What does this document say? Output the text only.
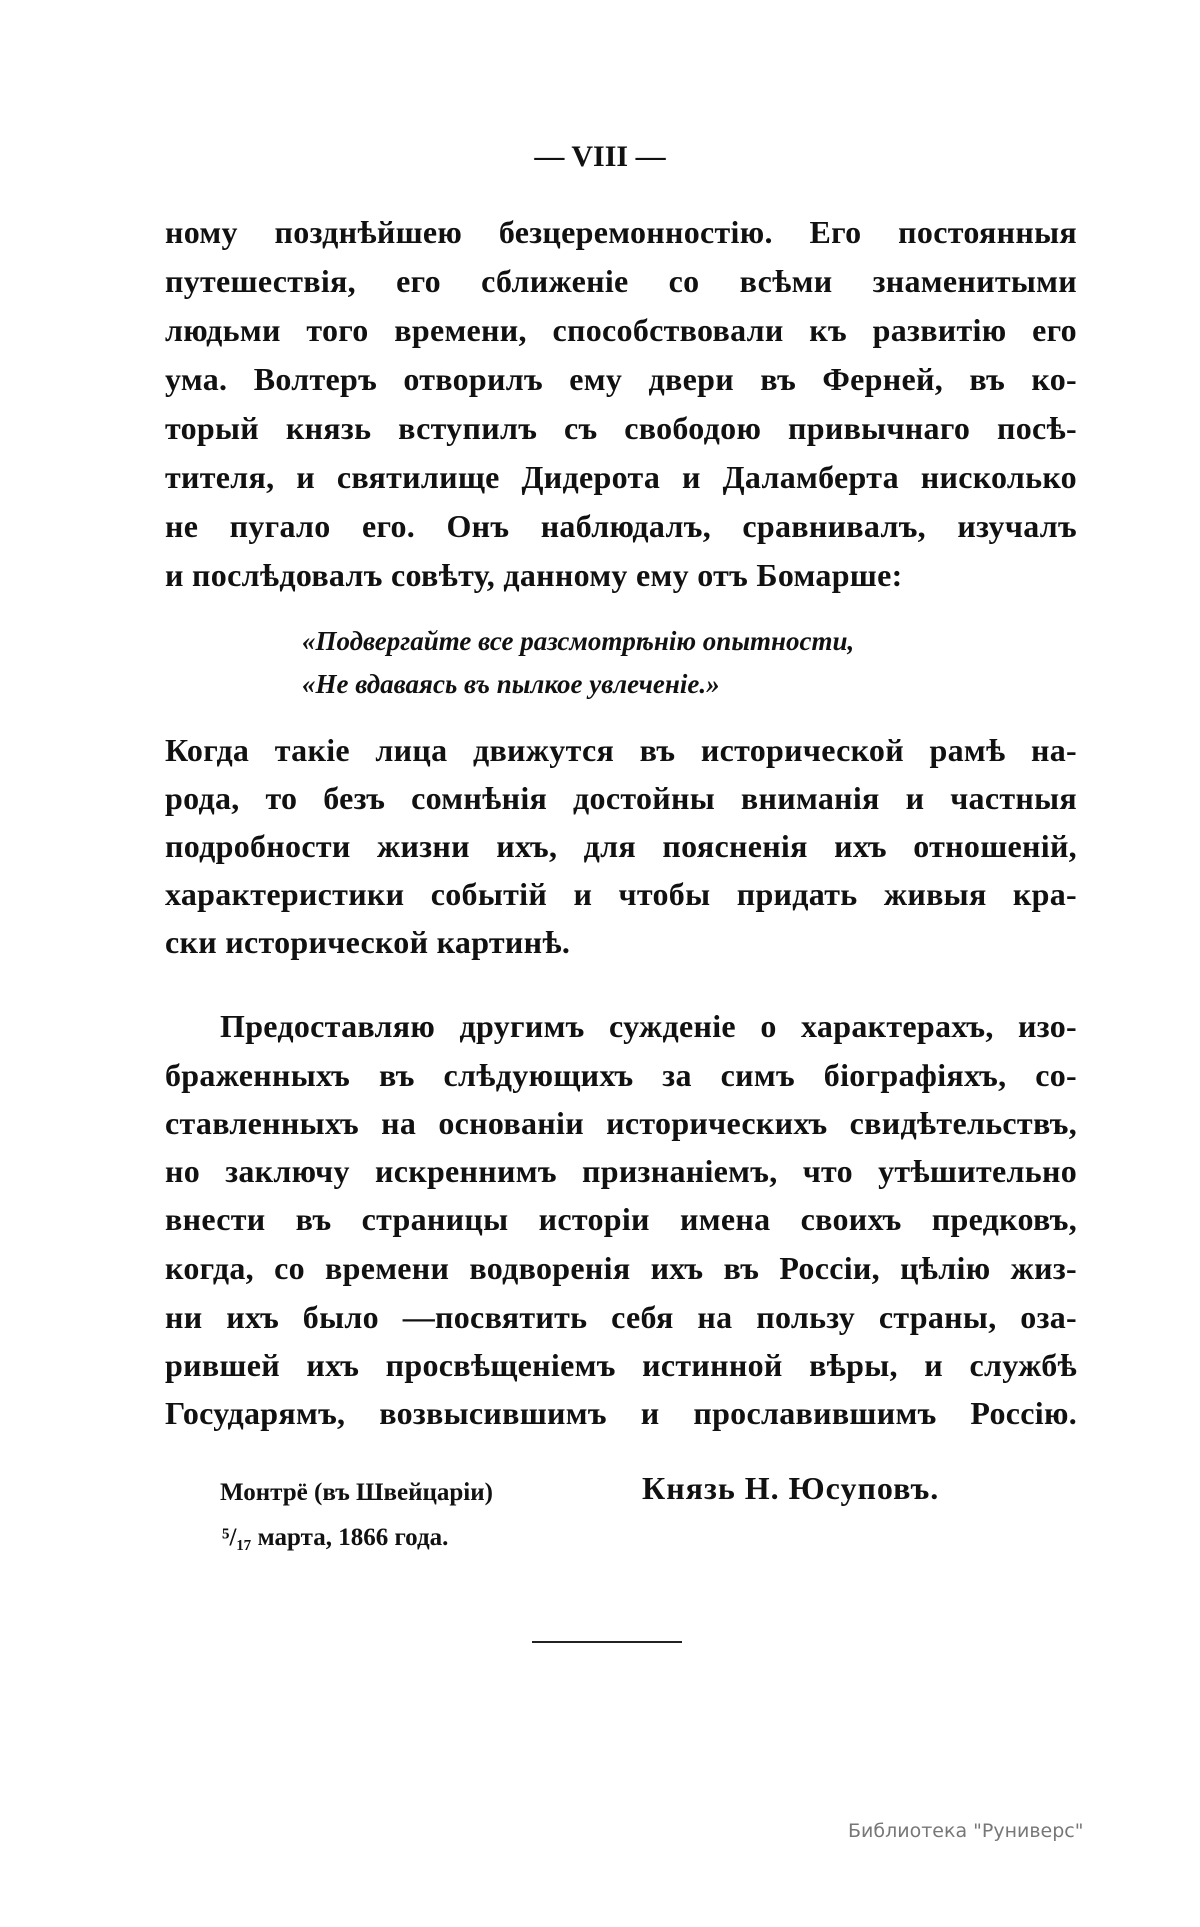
— VIII —
ному позднѣйшею безцеремонностію. Его постоянныя
путешествія, его сближеніе со всѣми знаменитыми
людьми того времени, способствовали къ развитію его
ума. Волтеръ отворилъ ему двери въ Ферней, въ ко-
торый князь вступилъ съ свободою привычнаго посѣ-
тителя, и святилище Дидерота и Даламберта нисколько
не пугало его. Онъ наблюдалъ, сравнивалъ, изучалъ
и послѣдовалъ совѣту, данному ему отъ Бомарше:
«Подвергайте все разсмотрѣнію опытности,
«Не вдаваясь въ пылкое увлеченіе.»
Когда такіе лица движутся въ исторической рамѣ на-
рода, то безъ сомнѣнія достойны вниманія и частныя
подробности жизни ихъ, для поясненія ихъ отношеній,
характеристики событій и чтобы придать живыя кра-
ски исторической картинѣ.
Предоставляю другимъ сужденіе о характерахъ, изо-
браженныхъ въ слѣдующихъ за симъ біографіяхъ, со-
ставленныхъ на основаніи историческихъ свидѣтельствъ,
но заключу искреннимъ признаніемъ, что утѣшительно
внести въ страницы исторіи имена своихъ предковъ,
когда, со времени водворенія ихъ въ Россіи, цѣлію жиз-
ни ихъ было —посвятить себя на пользу страны, оза-
рившей ихъ просвѣщеніемъ истинной вѣры, и службѣ
Государямъ, возвысившимъ и прославившимъ Россію.
Князь Н. Юсуповъ.
Монтрё (въ Швейцаріи)
⁵/₁₇ марта, 1866 года.
Библиотека "Руниверс"
